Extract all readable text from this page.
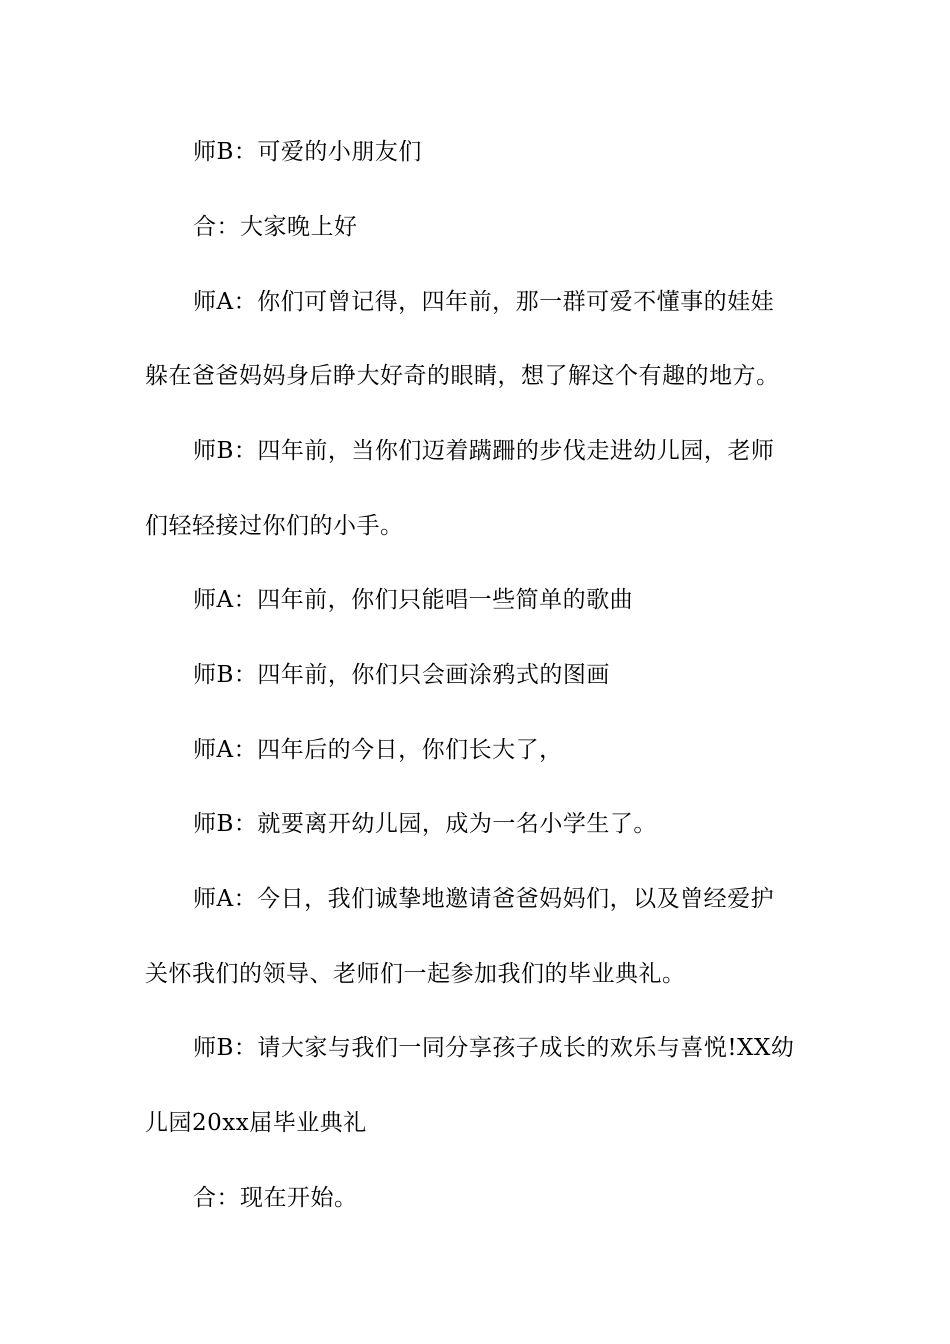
师B：可爱的小朋友们
合：大家晚上好
师A：你们可曾记得，四年前，那一群可爱不懂事的娃娃
躲在爸爸妈妈身后睁大好奇的眼睛，想了解这个有趣的地方。
师B：四年前，当你们迈着蹒跚的步伐走进幼儿园，老师
们轻轻接过你们的小手。
师A：四年前，你们只能唱一些简单的歌曲
师B：四年前，你们只会画涂鸦式的图画
师A：四年后的今日，你们长大了，
师B：就要离开幼儿园，成为一名小学生了。
师A：今日，我们诚挚地邀请爸爸妈妈们，以及曾经爱护
关怀我们的领导、老师们一起参加我们的毕业典礼。
师B：请大家与我们一同分享孩子成长的欢乐与喜悦!XX幼
儿园20xx届毕业典礼
合：现在开始。
